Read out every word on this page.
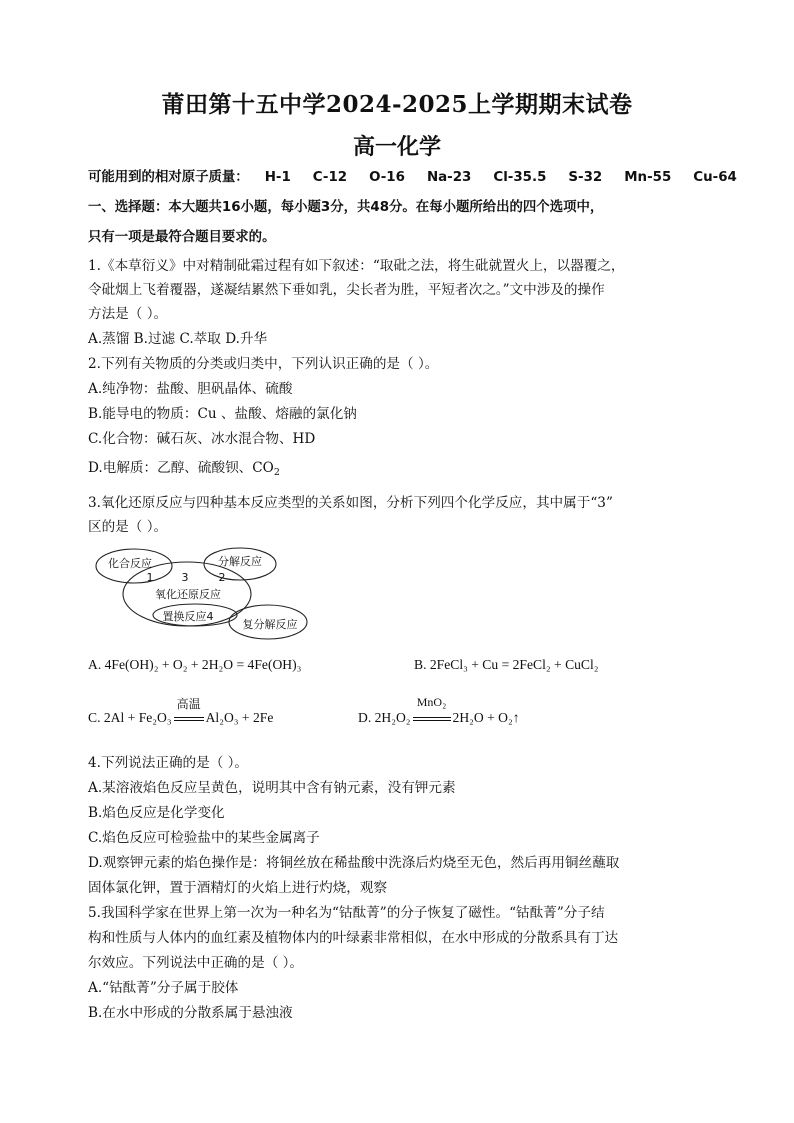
莆田第十五中学2024-2025上学期期末试卷
高一化学
可能用到的相对原子质量： H-1 C-12 O-16 Na-23 Cl-35.5 S-32 Mn-55 Cu-64
一、选择题：本大题共16小题，每小题3分，共48分。在每小题所给出的四个选项中，
只有一项是最符合题目要求的。
1.《本草衍义》中对精制砒霜过程有如下叙述：“取砒之法，将生砒就置火上，以器覆之，
令砒烟上飞着覆器，遂凝结累然下垂如乳，尖长者为胜，平短者次之。”文中涉及的操作
方法是（ ）。
A.蒸馏 B.过滤 C.萃取 D.升华
2.下列有关物质的分类或归类中，下列认识正确的是（ ）。
A.纯净物：盐酸、胆矾晶体、硫酸
B.能导电的物质：Cu 、盐酸、熔融的氯化钠
C.化合物：碱石灰、冰水混合物、HD
D.电解质：乙醇、硫酸钡、$CO_2$
3.氧化还原反应与四种基本反应类型的关系如图，分析下列四个化学反应，其中属于“3”
区的是（ ）。
化合反应	分解反应
1	3	2
氧化还原反应
置换反应4
复分解反应
A. 4Fe(OH)₂ + O₂ + 2H₂O = 4Fe(OH)₃	B. 2FeCl₃ + Cu = 2FeCl₂ + CuCl₂
C. 2Al + Fe₂O₃
高温
Al₂O₃ + 2Fe	D. 2H₂O₂
MnO₂
2H₂O + O₂↑
4.下列说法正确的是（ ）。
A.某溶液焰色反应呈黄色，说明其中含有钠元素，没有钾元素
B.焰色反应是化学变化
C.焰色反应可检验盐中的某些金属离子
D.观察钾元素的焰色操作是：将铜丝放在稀盐酸中洗涤后灼烧至无色，然后再用铜丝蘸取
固体氯化钾，置于酒精灯的火焰上进行灼烧，观察
5.我国科学家在世界上第一次为一种名为“钴酞菁”的分子恢复了磁性。“钴酞菁”分子结
构和性质与人体内的血红素及植物体内的叶绿素非常相似，在水中形成的分散系具有丁达
尔效应。下列说法中正确的是（ ）。
A.“钴酞菁”分子属于胶体
B.在水中形成的分散系属于悬浊液
